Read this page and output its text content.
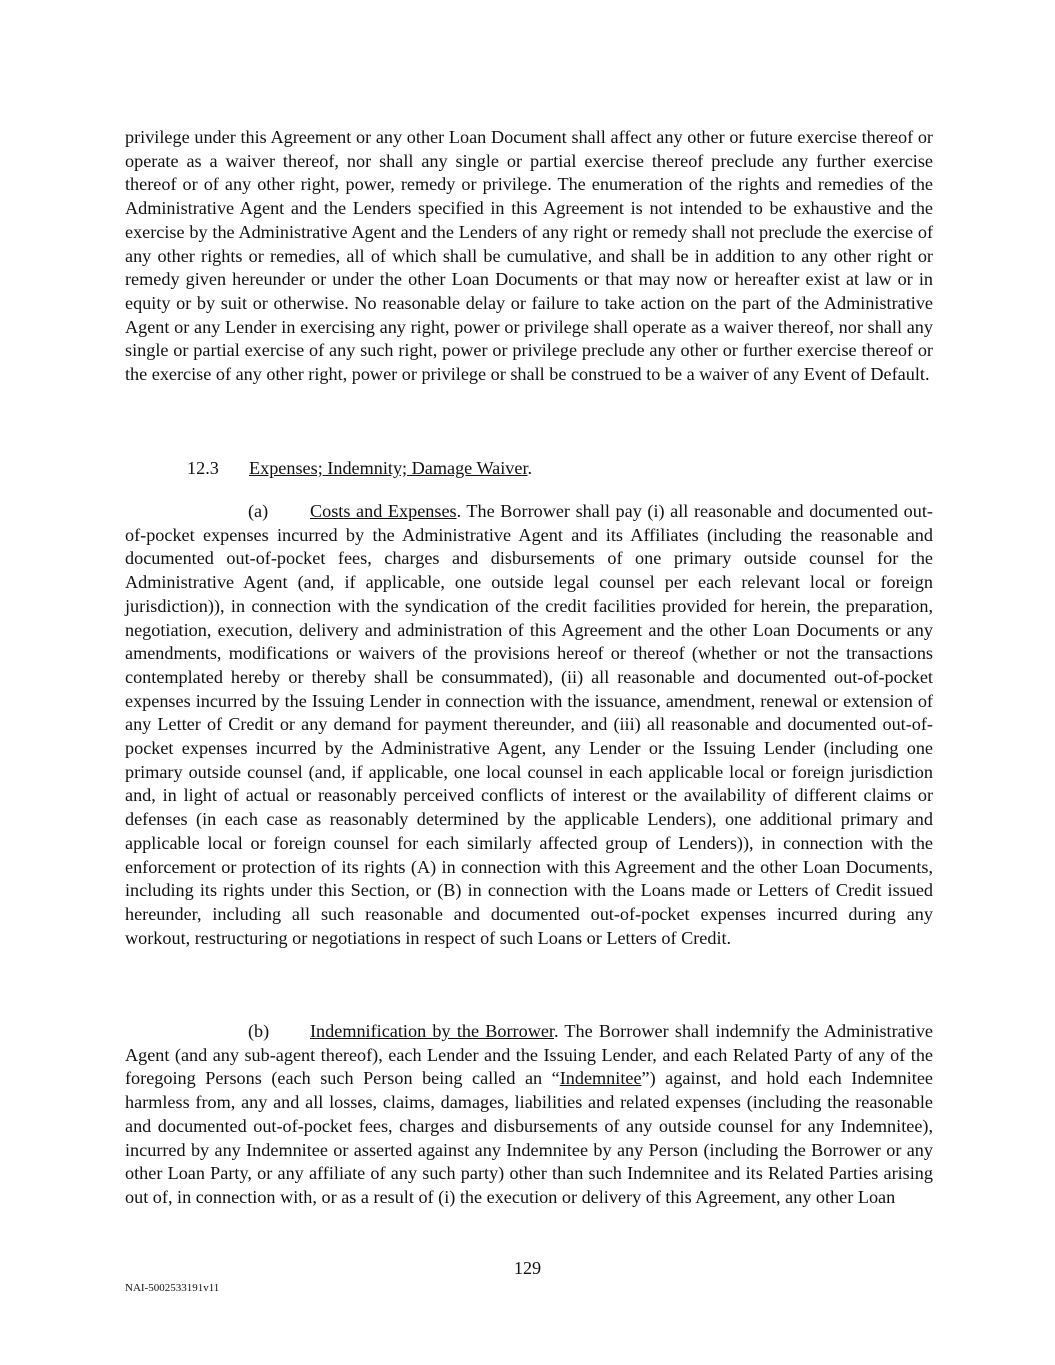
privilege under this Agreement or any other Loan Document shall affect any other or future exercise thereof or operate as a waiver thereof, nor shall any single or partial exercise thereof preclude any further exercise thereof or of any other right, power, remedy or privilege. The enumeration of the rights and remedies of the Administrative Agent and the Lenders specified in this Agreement is not intended to be exhaustive and the exercise by the Administrative Agent and the Lenders of any right or remedy shall not preclude the exercise of any other rights or remedies, all of which shall be cumulative, and shall be in addition to any other right or remedy given hereunder or under the other Loan Documents or that may now or hereafter exist at law or in equity or by suit or otherwise. No reasonable delay or failure to take action on the part of the Administrative Agent or any Lender in exercising any right, power or privilege shall operate as a waiver thereof, nor shall any single or partial exercise of any such right, power or privilege preclude any other or further exercise thereof or the exercise of any other right, power or privilege or shall be construed to be a waiver of any Event of Default.

12.3 Expenses; Indemnity; Damage Waiver.

(a) Costs and Expenses. The Borrower shall pay (i) all reasonable and documented out-of-pocket expenses incurred by the Administrative Agent and its Affiliates (including the reasonable and documented out-of-pocket fees, charges and disbursements of one primary outside counsel for the Administrative Agent (and, if applicable, one outside legal counsel per each relevant local or foreign jurisdiction)), in connection with the syndication of the credit facilities provided for herein, the preparation, negotiation, execution, delivery and administration of this Agreement and the other Loan Documents or any amendments, modifications or waivers of the provisions hereof or thereof (whether or not the transactions contemplated hereby or thereby shall be consummated), (ii) all reasonable and documented out-of-pocket expenses incurred by the Issuing Lender in connection with the issuance, amendment, renewal or extension of any Letter of Credit or any demand for payment thereunder, and (iii) all reasonable and documented out-of-pocket expenses incurred by the Administrative Agent, any Lender or the Issuing Lender (including one primary outside counsel (and, if applicable, one local counsel in each applicable local or foreign jurisdiction and, in light of actual or reasonably perceived conflicts of interest or the availability of different claims or defenses (in each case as reasonably determined by the applicable Lenders), one additional primary and applicable local or foreign counsel for each similarly affected group of Lenders)), in connection with the enforcement or protection of its rights (A) in connection with this Agreement and the other Loan Documents, including its rights under this Section, or (B) in connection with the Loans made or Letters of Credit issued hereunder, including all such reasonable and documented out-of-pocket expenses incurred during any workout, restructuring or negotiations in respect of such Loans or Letters of Credit.

(b) Indemnification by the Borrower. The Borrower shall indemnify the Administrative Agent (and any sub-agent thereof), each Lender and the Issuing Lender, and each Related Party of any of the foregoing Persons (each such Person being called an “Indemnitee”) against, and hold each Indemnitee harmless from, any and all losses, claims, damages, liabilities and related expenses (including the reasonable and documented out-of-pocket fees, charges and disbursements of any outside counsel for any Indemnitee), incurred by any Indemnitee or asserted against any Indemnitee by any Person (including the Borrower or any other Loan Party, or any affiliate of any such party) other than such Indemnitee and its Related Parties arising out of, in connection with, or as a result of (i) the execution or delivery of this Agreement, any other Loan

129
NAI-5002533191v11
